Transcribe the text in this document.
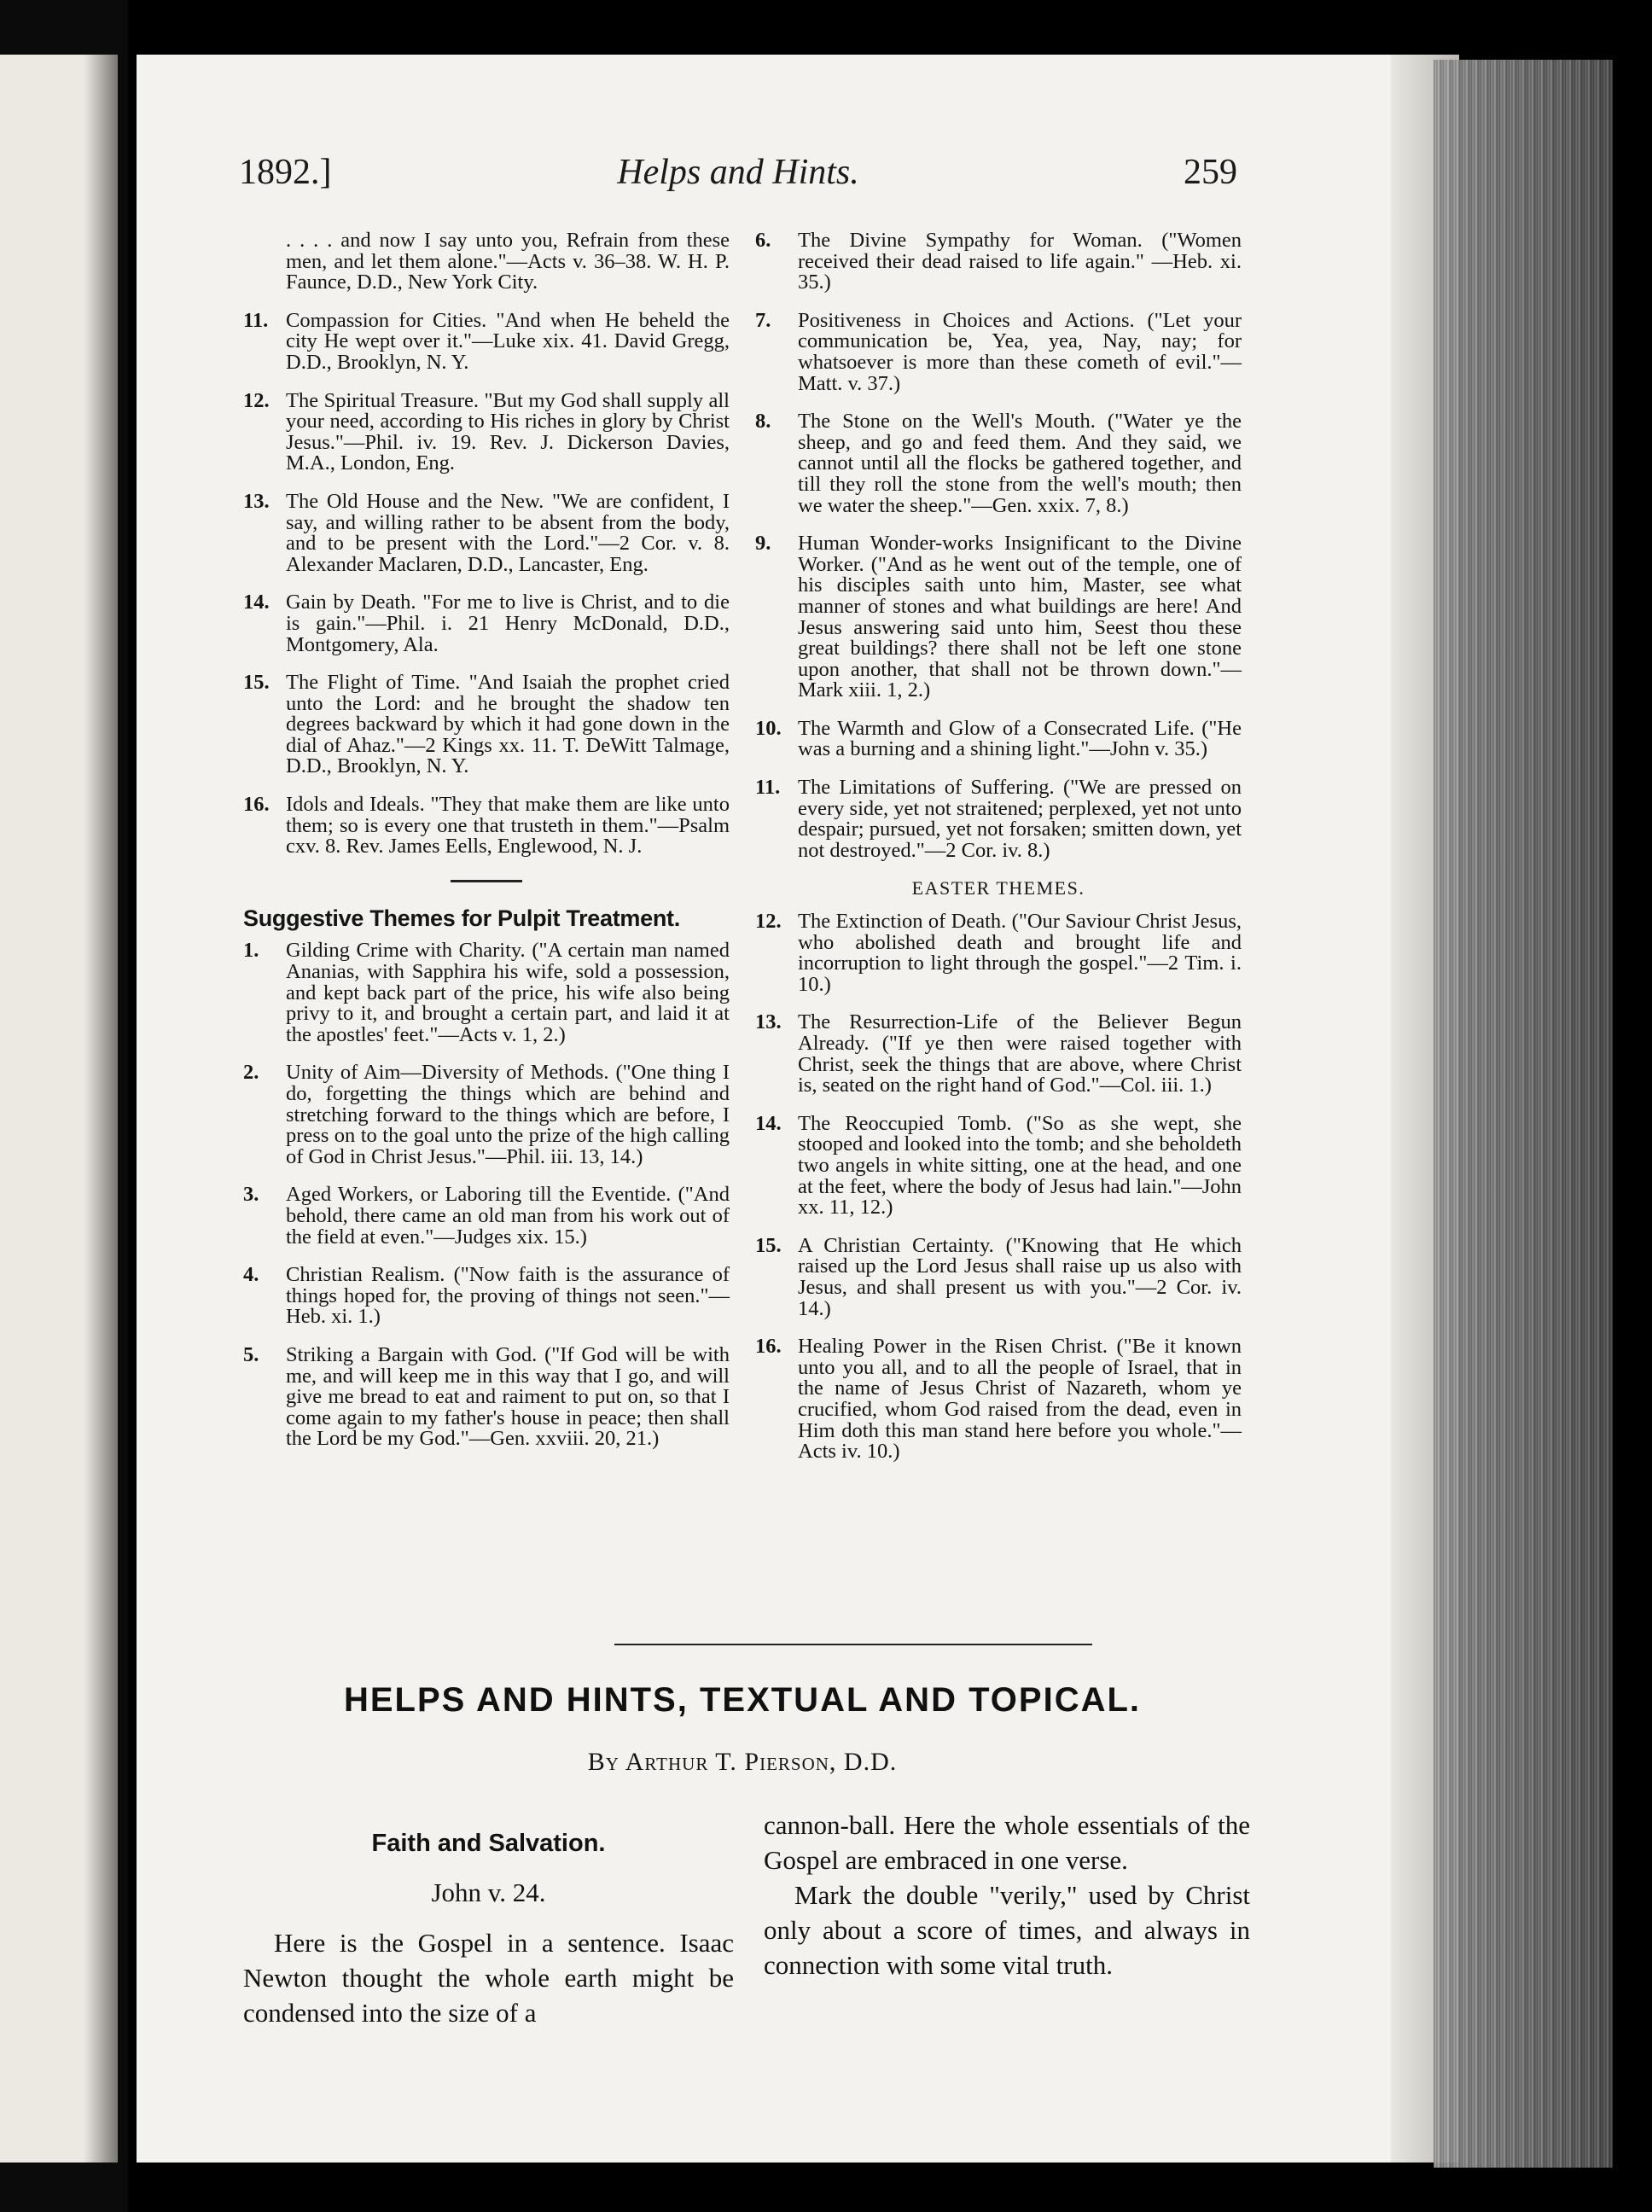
1892.]	Helps and Hints.	259
. . . . and now I say unto you, Refrain from these men, and let them alone."—Acts v. 36–38. W. H. P. Faunce, D.D., New York City.
11. Compassion for Cities. "And when He beheld the city He wept over it."—Luke xix. 41. David Gregg, D.D., Brooklyn, N. Y.
12. The Spiritual Treasure. "But my God shall supply all your need, according to His riches in glory by Christ Jesus."—Phil. iv. 19. Rev. J. Dickerson Davies, M.A., London, Eng.
13. The Old House and the New. "We are confident, I say, and willing rather to be absent from the body, and to be present with the Lord."—2 Cor. v. 8. Alexander Maclaren, D.D., Lancaster, Eng.
14. Gain by Death. "For me to live is Christ, and to die is gain."—Phil. i. 21 Henry McDonald, D.D., Montgomery, Ala.
15. The Flight of Time. "And Isaiah the prophet cried unto the Lord: and he brought the shadow ten degrees backward by which it had gone down in the dial of Ahaz."—2 Kings xx. 11. T. DeWitt Talmage, D.D., Brooklyn, N. Y.
16. Idols and Ideals. "They that make them are like unto them; so is every one that trusteth in them."—Psalm cxv. 8. Rev. James Eells, Englewood, N. J.
Suggestive Themes for Pulpit Treatment.
1. Gilding Crime with Charity. ("A certain man named Ananias, with Sapphira his wife, sold a possession, and kept back part of the price, his wife also being privy to it, and brought a certain part, and laid it at the apostles' feet."—Acts v. 1, 2.)
2. Unity of Aim—Diversity of Methods. ("One thing I do, forgetting the things which are behind and stretching forward to the things which are before, I press on to the goal unto the prize of the high calling of God in Christ Jesus."—Phil. iii. 13, 14.)
3. Aged Workers, or Laboring till the Eventide. ("And behold, there came an old man from his work out of the field at even."—Judges xix. 15.)
4. Christian Realism. ("Now faith is the assurance of things hoped for, the proving of things not seen."—Heb. xi. 1.)
5. Striking a Bargain with God. ("If God will be with me, and will keep me in this way that I go, and will give me bread to eat and raiment to put on, so that I come again to my father's house in peace; then shall the Lord be my God."—Gen. xxviii. 20, 21.)
6. The Divine Sympathy for Woman. ("Women received their dead raised to life again." —Heb. xi. 35.)
7. Positiveness in Choices and Actions. ("Let your communication be, Yea, yea, Nay, nay; for whatsoever is more than these cometh of evil."—Matt. v. 37.)
8. The Stone on the Well's Mouth. ("Water ye the sheep, and go and feed them. And they said, we cannot until all the flocks be gathered together, and till they roll the stone from the well's mouth; then we water the sheep."—Gen. xxix. 7, 8.)
9. Human Wonder-works Insignificant to the Divine Worker. ("And as he went out of the temple, one of his disciples saith unto him, Master, see what manner of stones and what buildings are here! And Jesus answering said unto him, Seest thou these great buildings? there shall not be left one stone upon another, that shall not be thrown down."—Mark xiii. 1, 2.)
10. The Warmth and Glow of a Consecrated Life. ("He was a burning and a shining light."—John v. 35.)
11. The Limitations of Suffering. ("We are pressed on every side, yet not straitened; perplexed, yet not unto despair; pursued, yet not forsaken; smitten down, yet not destroyed."—2 Cor. iv. 8.)
EASTER THEMES.
12. The Extinction of Death. ("Our Saviour Christ Jesus, who abolished death and brought life and incorruption to light through the gospel."—2 Tim. i. 10.)
13. The Resurrection-Life of the Believer Begun Already. ("If ye then were raised together with Christ, seek the things that are above, where Christ is, seated on the right hand of God."—Col. iii. 1.)
14. The Reoccupied Tomb. ("So as she wept, she stooped and looked into the tomb; and she beholdeth two angels in white sitting, one at the head, and one at the feet, where the body of Jesus had lain."—John xx. 11, 12.)
15. A Christian Certainty. ("Knowing that He which raised up the Lord Jesus shall raise up us also with Jesus, and shall present us with you."—2 Cor. iv. 14.)
16. Healing Power in the Risen Christ. ("Be it known unto you all, and to all the people of Israel, that in the name of Jesus Christ of Nazareth, whom ye crucified, whom God raised from the dead, even in Him doth this man stand here before you whole."—Acts iv. 10.)
HELPS AND HINTS, TEXTUAL AND TOPICAL.
By Arthur T. Pierson, D.D.
Faith and Salvation.
John v. 24.
Here is the Gospel in a sentence. Isaac Newton thought the whole earth might be condensed into the size of a
cannon-ball. Here the whole essentials of the Gospel are embraced in one verse.
Mark the double "verily," used by Christ only about a score of times, and always in connection with some vital truth.
